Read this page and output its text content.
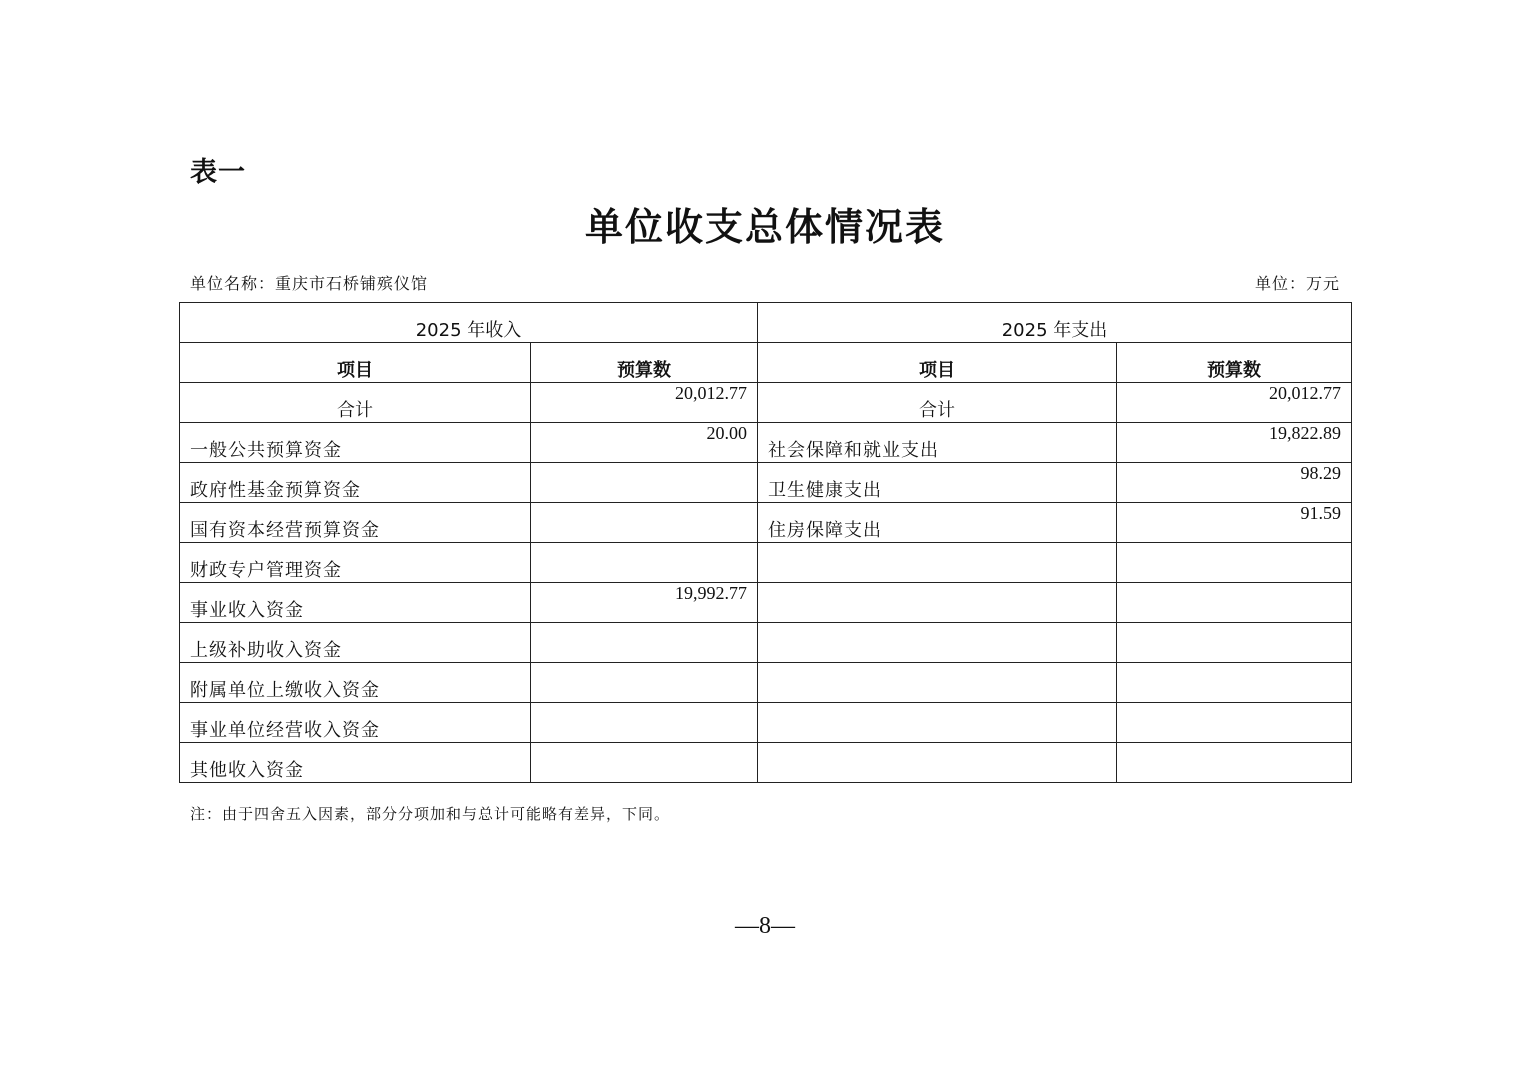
表一
单位收支总体情况表
单位名称：重庆市石桥铺殡仪馆	单位：万元
2025 年收入		2025 年支出	
项目	预算数	项目	预算数
合计	20,012.77	合计	20,012.77
一般公共预算资金	20.00	社会保障和就业支出	19,822.89
政府性基金预算资金		卫生健康支出	98.29
国有资本经营预算资金		住房保障支出	91.59
财政专户管理资金			
事业收入资金	19,992.77		
上级补助收入资金			
附属单位上缴收入资金			
事业单位经营收入资金			
其他收入资金			
注：由于四舍五入因素，部分分项加和与总计可能略有差异，下同。
—8—
